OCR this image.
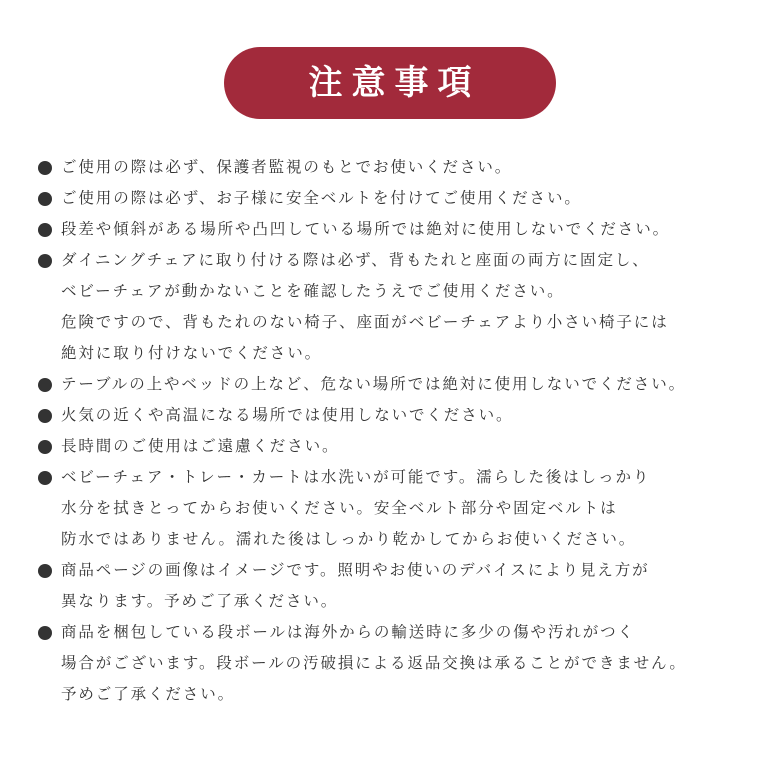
注意事項
ご使用の際は必ず、保護者監視のもとでお使いください。
ご使用の際は必ず、お子様に安全ベルトを付けてご使用ください。
段差や傾斜がある場所や凸凹している場所では絶対に使用しないでください。
ダイニングチェアに取り付ける際は必ず、背もたれと座面の両方に固定し、
ベビーチェアが動かないことを確認したうえでご使用ください。
危険ですので、背もたれのない椅子、座面がベビーチェアより小さい椅子には
絶対に取り付けないでください。
テーブルの上やベッドの上など、危ない場所では絶対に使用しないでください。
火気の近くや高温になる場所では使用しないでください。
長時間のご使用はご遠慮ください。
ベビーチェア・トレー・カートは水洗いが可能です。濡らした後はしっかり
水分を拭きとってからお使いください。安全ベルト部分や固定ベルトは
防水ではありません。濡れた後はしっかり乾かしてからお使いください。
商品ページの画像はイメージです。照明やお使いのデバイスにより見え方が
異なります。予めご了承ください。
商品を梱包している段ボールは海外からの輸送時に多少の傷や汚れがつく
場合がございます。段ボールの汚破損による返品交換は承ることができません。
予めご了承ください。
